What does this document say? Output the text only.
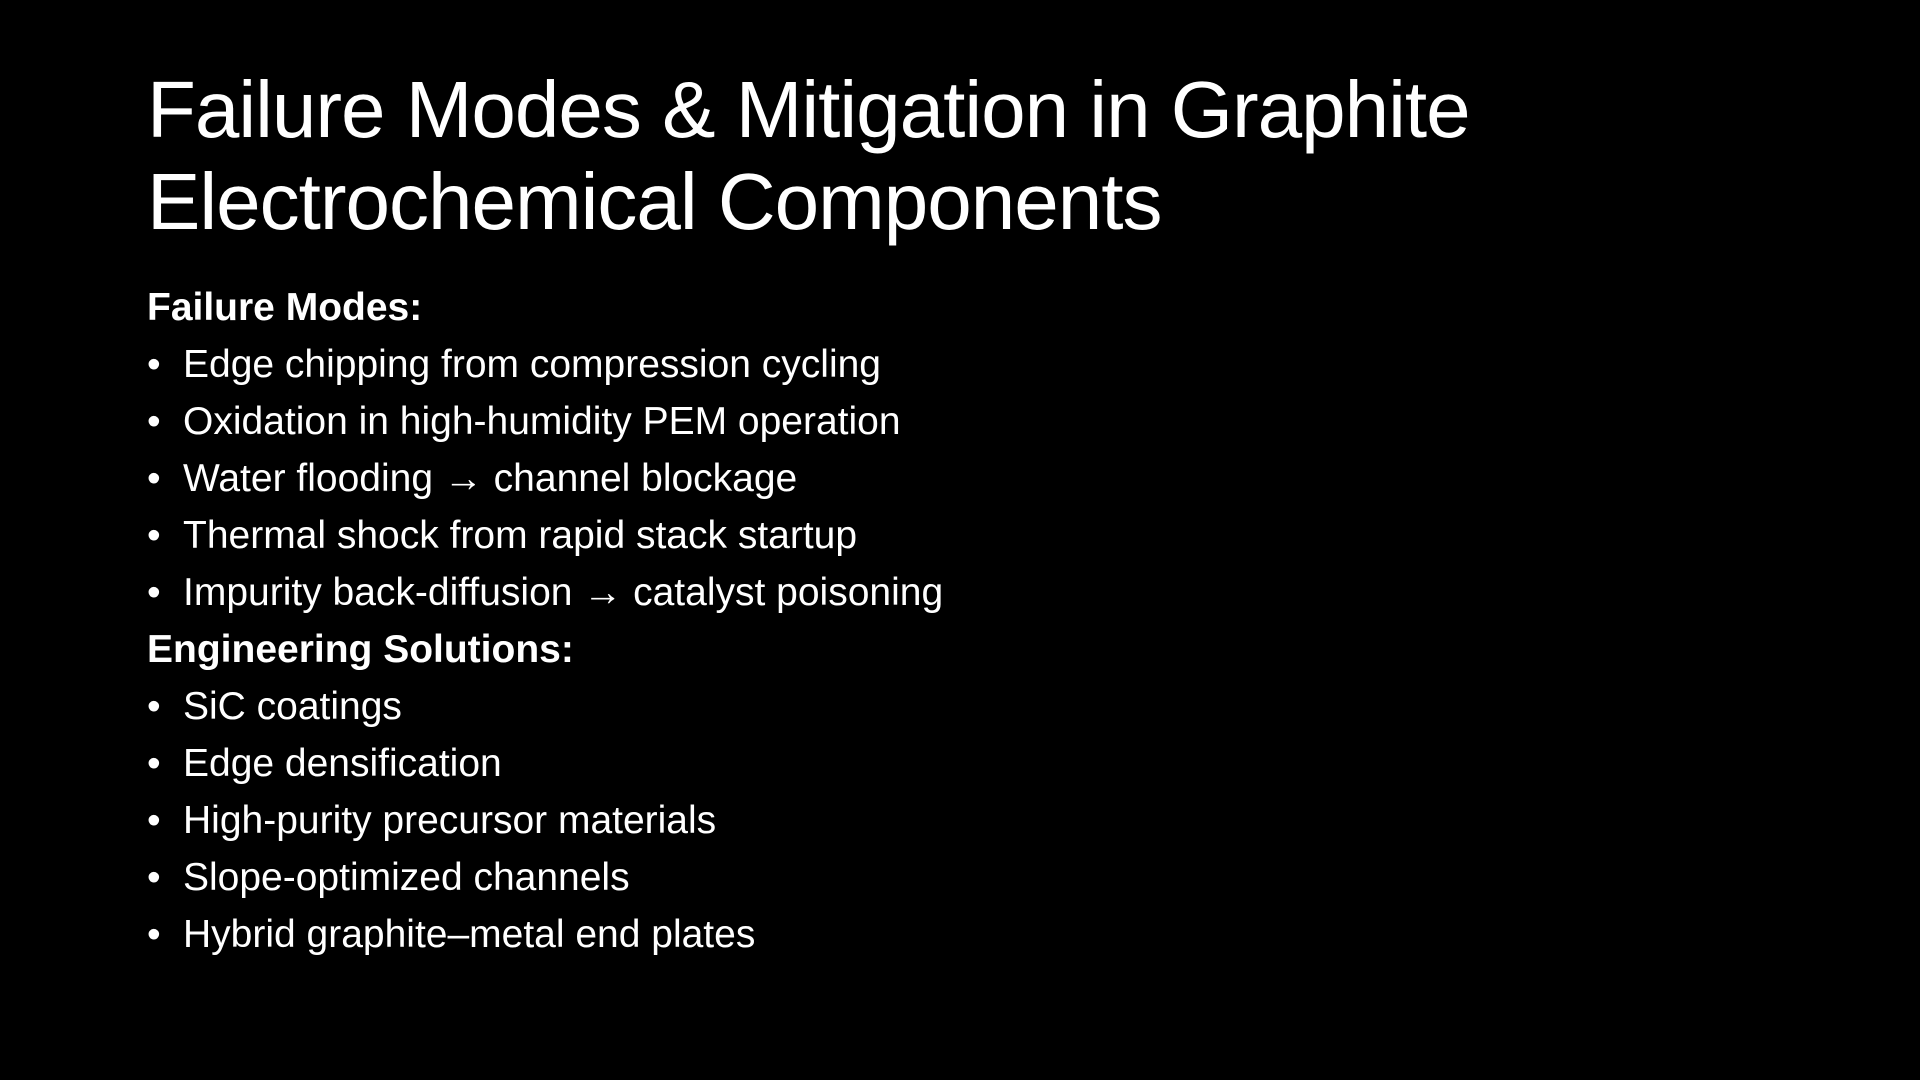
Failure Modes & Mitigation in Graphite
Electrochemical Components
Failure Modes:
• Edge chipping from compression cycling
• Oxidation in high-humidity PEM operation
• Water flooding → channel blockage
• Thermal shock from rapid stack startup
• Impurity back-diffusion → catalyst poisoning
Engineering Solutions:
• SiC coatings
• Edge densification
• High-purity precursor materials
• Slope-optimized channels
• Hybrid graphite–metal end plates
